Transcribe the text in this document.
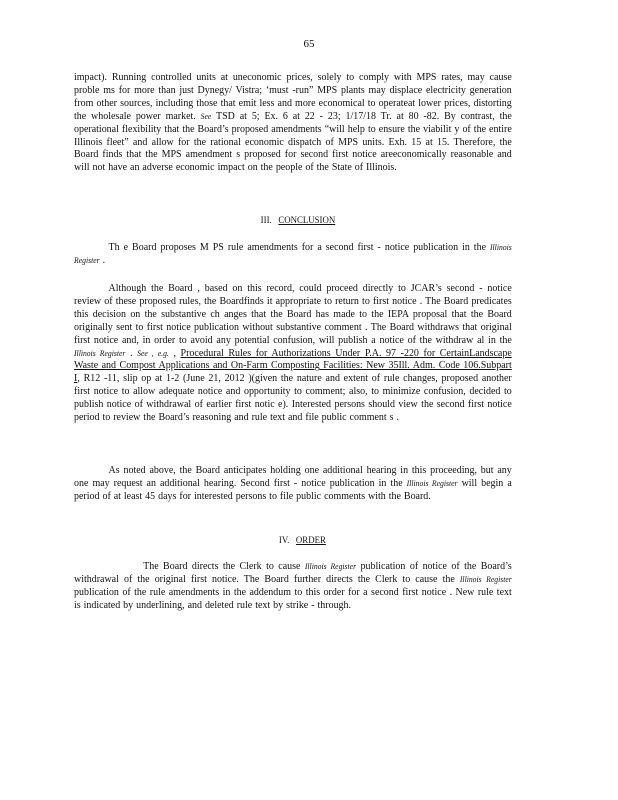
65
impact). Running controlled units at uneconomic prices, solely to comply with MPS rates, may cause proble ms for more than just Dynegy/ Vistra; ‘must -run” MPS plants may displace electricity generation from other sources, including those that emit less and more economical to operateat lower prices, distorting the wholesale power market. See TSD at 5; Ex. 6 at 22 - 23; 1/17/18 Tr. at 80 -82. By contrast, the operational flexibility that the Board’s proposed amendments “will help to ensure the viabilit y of the entire Illinois fleet” and allow for the rational economic dispatch of MPS units. Exh. 15 at 15. Therefore, the Board finds that the MPS amendment s proposed for second first notice areeconomically reasonable and will not have an adverse economic impact on the people of the State of Illinois.
III. CONCLUSION
Th e Board proposes M PS rule amendments for a second first - notice publication in the Illinois Register .
Although the Board , based on this record, could proceed directly to JCAR’s second - notice review of these proposed rules, the Boardfinds it appropriate to return to first notice . The Board predicates this decision on the substantive ch anges that the Board has made to the IEPA proposal that the Board originally sent to first notice publication without substantive comment . The Board withdraws that original first notice and, in order to avoid any potential confusion, will publish a notice of the withdraw al in the Illinois Register . See , e.g. , Procedural Rules for Authorizations Under P.A. 97 -220 for CertainLandscape Waste and Compost Applications and On-Farm Composting Facilities: New 35Ill. Adm. Code 106.Subpart I, R12 -11, slip op at 1-2 (June 21, 2012 )(given the nature and extent of rule changes, proposed another first notice to allow adequate notice and opportunity to comment; also, to minimize confusion, decided to publish notice of withdrawal of earlier first notic e). Interested persons should view the second first notice period to review the Board’s reasoning and rule text and file public comment s .
As noted above, the Board anticipates holding one additional hearing in this proceeding, but any one may request an additional hearing. Second first - notice publication in the Illinois Register will begin a period of at least 45 days for interested persons to file public comments with the Board.
IV. ORDER
The Board directs the Clerk to cause Illinois Register publication of notice of the Board’s withdrawal of the original first notice. The Board further directs the Clerk to cause the Illinois Register publication of the rule amendments in the addendum to this order for a second first notice . New rule text is indicated by underlining, and deleted rule text by strike - through.
